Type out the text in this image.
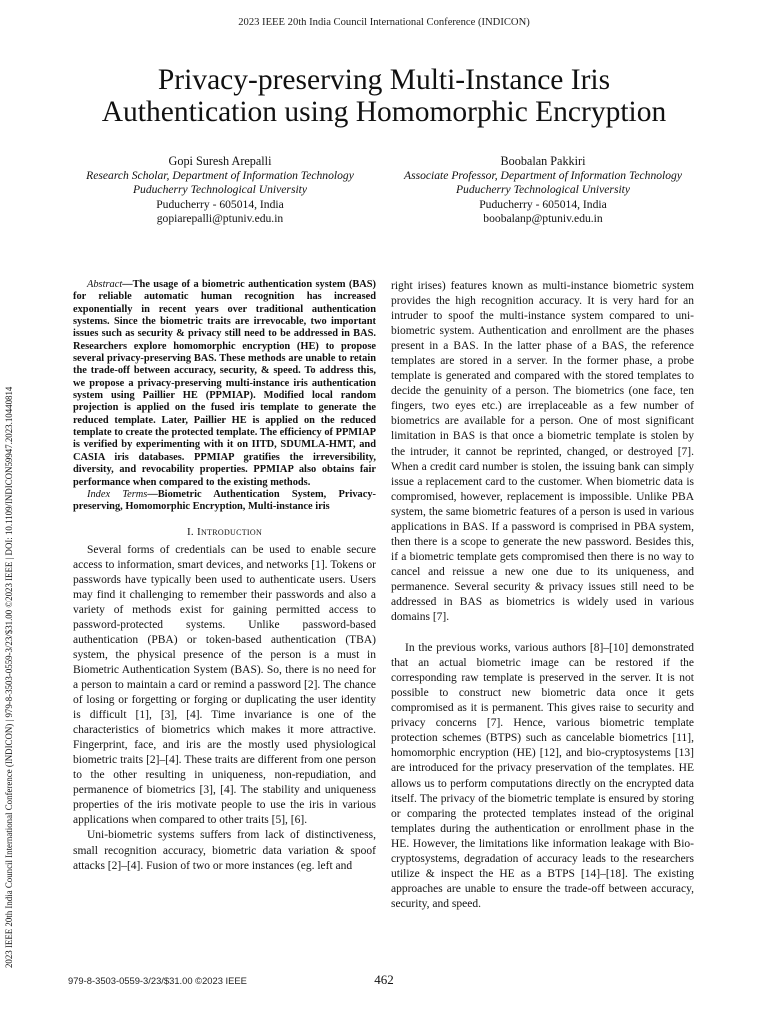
2023 IEEE 20th India Council International Conference (INDICON)
Privacy-preserving Multi-Instance Iris
Authentication using Homomorphic Encryption
Gopi Suresh Arepalli
Research Scholar, Department of Information Technology
Puducherry Technological University
Puducherry - 605014, India
gopiarepalli@ptuniv.edu.in
Boobalan Pakkiri
Associate Professor, Department of Information Technology
Puducherry Technological University
Puducherry - 605014, India
boobalanp@ptuniv.edu.in
2023 IEEE 20th India Council International Conference (INDICON) | 979-8-3503-0559-3/23/$31.00 ©2023 IEEE | DOI: 10.1109/INDICON59947.2023.10440814

Abstract—The usage of a biometric authentication system (BAS) for reliable automatic human recognition has increased exponentially in recent years over traditional authentication systems. Since the biometric traits are irrevocable, two important issues such as security & privacy still need to be addressed in BAS. Researchers explore homomorphic encryption (HE) to propose several privacy-preserving BAS. These methods are unable to retain the trade-off between accuracy, security, & speed. To address this, we propose a privacy-preserving multi-instance iris authentication system using Paillier HE (PPMIAP). Modified local random projection is applied on the fused iris template to generate the reduced template. Later, Paillier HE is applied on the reduced template to create the protected template. The efficiency of PPMIAP is verified by experimenting with it on IITD, SDUMLA-HMT, and CASIA iris databases. PPMIAP gratifies the irreversibility, diversity, and revocability properties. PPMIAP also obtains fair performance when compared to the existing methods.

Index Terms—Biometric Authentication System, Privacy-preserving, Homomorphic Encryption, Multi-instance iris

I. Introduction

Several forms of credentials can be used to enable secure access to information, smart devices, and networks [1]. Tokens or passwords have typically been used to authenticate users. Users may find it challenging to remember their passwords and also a variety of methods exist for gaining permitted access to password-protected systems. Unlike password-based authentication (PBA) or token-based authentication (TBA) system, the physical presence of the person is a must in Biometric Authentication System (BAS). So, there is no need for a person to maintain a card or remind a password [2]. The chance of losing or forgetting or forging or duplicating the user identity is difficult [1], [3], [4]. Time invariance is one of the characteristics of biometrics which makes it more attractive. Fingerprint, face, and iris are the mostly used physiological biometric traits [2]–[4]. These traits are different from one person to the other resulting in uniqueness, non-repudiation, and permanence of biometrics [3], [4]. The stability and uniqueness properties of the iris motivate people to use the iris in various applications when compared to other traits [5], [6].

Uni-biometric systems suffers from lack of distinctiveness, small recognition accuracy, biometric data variation & spoof attacks [2]–[4]. Fusion of two or more instances (eg. left and

right irises) features known as multi-instance biometric system provides the high recognition accuracy. It is very hard for an intruder to spoof the multi-instance system compared to uni-biometric system. Authentication and enrollment are the phases present in a BAS. In the latter phase of a BAS, the reference templates are stored in a server. In the former phase, a probe template is generated and compared with the stored templates to decide the genuinity of a person. The biometrics (one face, ten fingers, two eyes etc.) are irreplaceable as a few number of biometrics are available for a person. One of most significant limitation in BAS is that once a biometric template is stolen by the intruder, it cannot be reprinted, changed, or destroyed [7]. When a credit card number is stolen, the issuing bank can simply issue a replacement card to the customer. When biometric data is compromised, however, replacement is impossible. Unlike PBA system, the same biometric features of a person is used in various applications in BAS. If a password is comprised in PBA system, then there is a scope to generate the new password. Besides this, if a biometric template gets compromised then there is no way to cancel and reissue a new one due to its uniqueness, and permanence. Several security & privacy issues still need to be addressed in BAS as biometrics is widely used in various domains [7].

In the previous works, various authors [8]–[10] demonstrated that an actual biometric image can be restored if the corresponding raw template is preserved in the server. It is not possible to construct new biometric data once it gets compromised as it is permanent. This gives raise to security and privacy concerns [7]. Hence, various biometric template protection schemes (BTPS) such as cancelable biometrics [11], homomorphic encryption (HE) [12], and bio-cryptosystems [13] are introduced for the privacy preservation of the templates. HE allows us to perform computations directly on the encrypted data itself. The privacy of the biometric template is ensured by storing or comparing the protected templates instead of the original templates during the authentication or enrollment phase in the HE. However, the limitations like information leakage with Bio-cryptosystems, degradation of accuracy leads to the researchers utilize & inspect the HE as a BTPS [14]–[18]. The existing approaches are unable to ensure the trade-off between accuracy, security, and speed.

979-8-3503-0559-3/23/$31.00 ©2023 IEEE	462
